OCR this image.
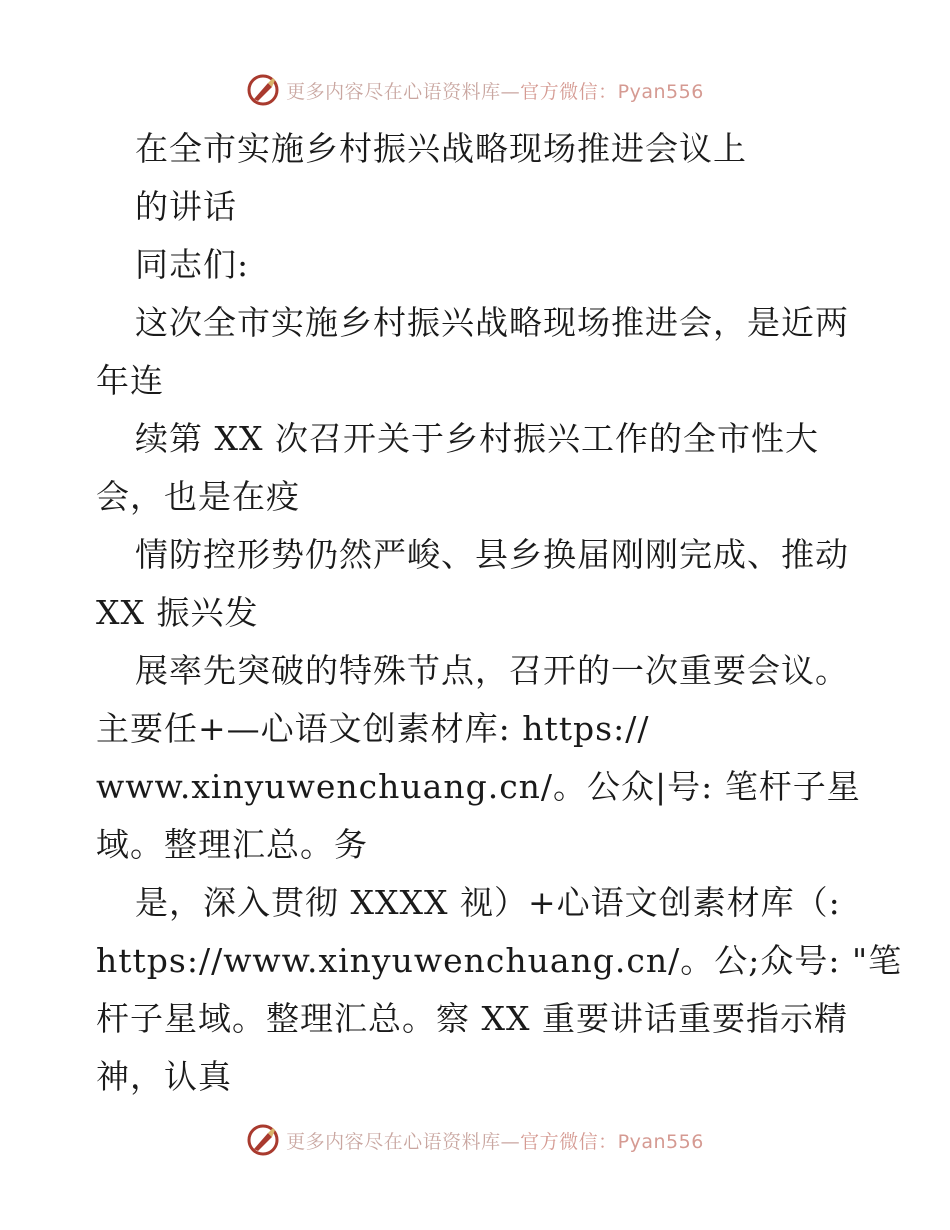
更多内容尽在心语资料库—官方微信：Pyan556
在全市实施乡村振兴战略现场推进会议上
的讲话
同志们:
这次全市实施乡村振兴战略现场推进会，是近两
年连
续第 XX 次召开关于乡村振兴工作的全市性大
会，也是在疫
情防控形势仍然严峻、县乡换届刚刚完成、推动
XX 振兴发
展率先突破的特殊节点，召开的一次重要会议。
主要任+—心语文创素材库: https://
www.xinyuwenchuang.cn/。公众|号: 笔杆子星
域。整理汇总。务
是，深入贯彻 XXXX 视）+心语文创素材库（:
https://www.xinyuwenchuang.cn/。公;众号: "笔
杆子星域。整理汇总。察 XX 重要讲话重要指示精
神，认真
更多内容尽在心语资料库—官方微信：Pyan556
